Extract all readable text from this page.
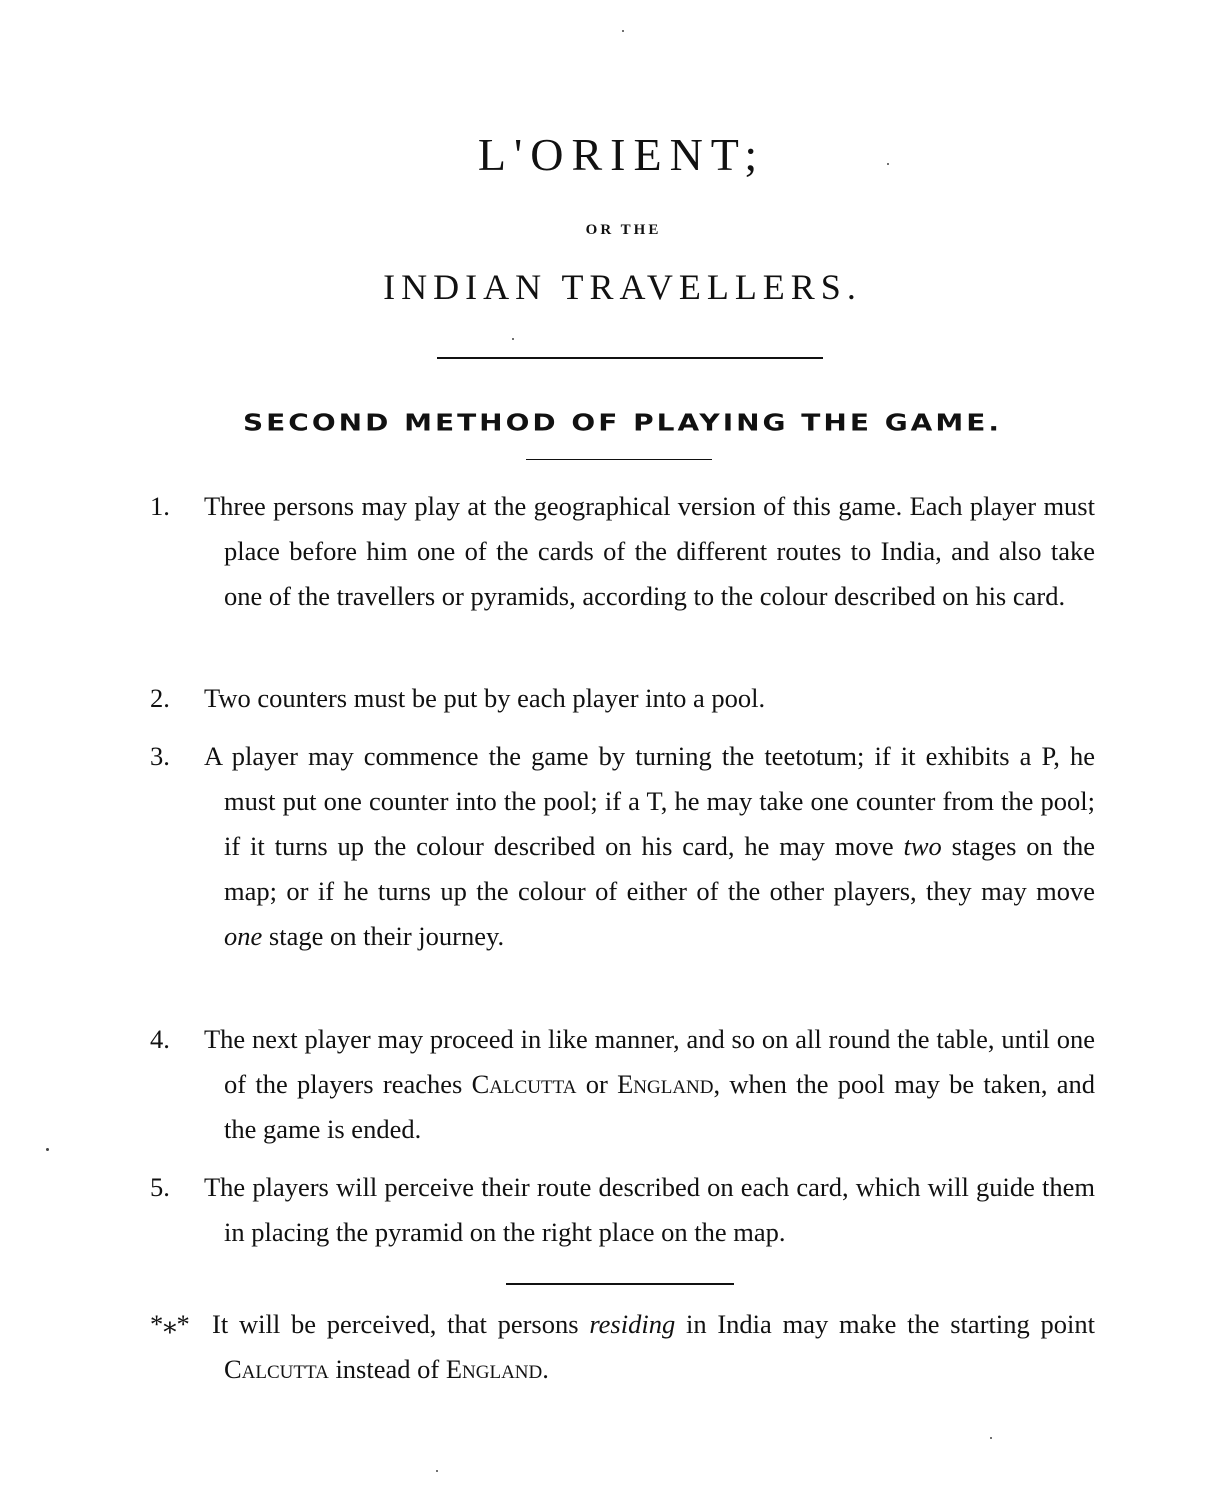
L'ORIENT;
OR THE
INDIAN TRAVELLERS.
SECOND METHOD OF PLAYING THE GAME.
1.	Three persons may play at the geographical version of this game. Each player must place before him one of the cards of the different routes to India, and also take one of the travellers or pyramids, according to the colour described on his card.
2.	Two counters must be put by each player into a pool.
3.	A player may commence the game by turning the teetotum; if it exhibits a P, he must put one counter into the pool; if a T, he may take one counter from the pool; if it turns up the colour described on his card, he may move two stages on the map; or if he turns up the colour of either of the other players, they may move one stage on their journey.
4.	The next player may proceed in like manner, and so on all round the table, until one of the players reaches Calcutta or England, when the pool may be taken, and the game is ended.
5.	The players will perceive their route described on each card, which will guide them in placing the pyramid on the right place on the map.
*⁎* It will be perceived, that persons residing in India may make the starting point Calcutta instead of England.
